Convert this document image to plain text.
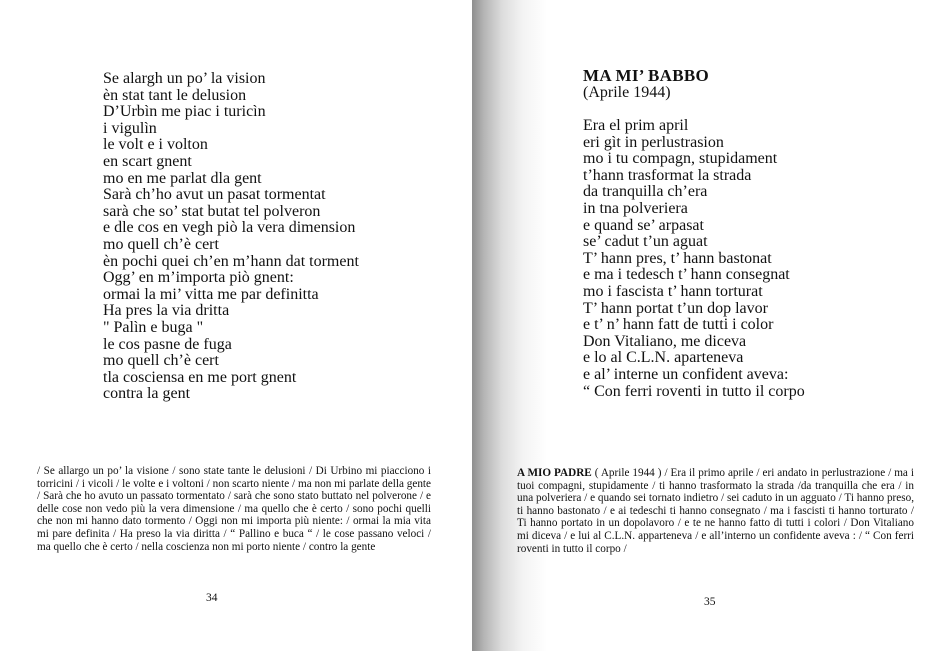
Se alargh un po’ la vision
èn stat tant le delusion
D’Urbìn me piac i turicìn
i vigulìn
le volt e i volton
en scart gnent
mo en me parlat dla gent
Sarà ch’ho avut un pasat tormentat
sarà che so’ stat butat tel polveron
e dle cos en vegh piò la vera dimension
mo quell ch’è cert
èn pochi quei ch’en m’hann dat torment
Ogg’ en m’importa piò gnent:
ormai la mi’ vitta me par definitta
Ha pres la via dritta
" Palìn e buga "
le cos pasne de fuga
mo quell ch’è cert
tla cosciensa en me port gnent
contra la gent

/ Se allargo un po’ la visione / sono state tante le delusioni / Di Urbino mi piacciono i torricini / i vicoli / le volte e i voltoni / non scarto niente / ma non mi parlate della gente / Sarà che ho avuto un passato tormentato / sarà che sono stato buttato nel polverone / e delle cose non vedo più la vera dimensione / ma quello che è certo / sono pochi quelli che non mi hanno dato tormento / Oggi non mi importa più niente: / ormai la mia vita mi pare definita / Ha preso la via diritta / “ Pallino e buca “ / le cose passano veloci / ma quello che è certo / nella coscienza non mi porto niente / contro la gente

34
MA MI’ BABBO
(Aprile 1944)
Era el prim april
eri gìt in perlustrasion
mo i tu compagn, stupidament
t’hann trasformat la strada
da tranquilla ch’era
in tna polveriera
e quand se’ arpasat
se’ cadut t’un aguat
T’ hann pres, t’ hann bastonat
e ma i tedesch t’ hann consegnat
mo i fascista t’ hann torturat
T’ hann portat t’un dop lavor
e t’ n’ hann fatt de tutti i color
Don Vitaliano, me diceva
e lo al C.L.N. aparteneva
e al’ interne un confident aveva:
“ Con ferri roventi in tutto il corpo

A MIO PADRE ( Aprile 1944 ) / Era il primo aprile / eri andato in perlustrazione / ma i tuoi compagni, stupidamente / ti hanno trasformato la strada /da tranquilla che era / in una polveriera / e quando sei tornato indietro / sei caduto in un agguato / Ti hanno preso, ti hanno bastonato / e ai tedeschi ti hanno consegnato / ma i fascisti ti hanno torturato / Ti hanno portato in un dopolavoro / e te ne hanno fatto di tutti i colori / Don Vitaliano mi diceva / e lui al C.L.N. apparteneva / e all’interno un confidente aveva : / “ Con ferri roventi in tutto il corpo /

35
